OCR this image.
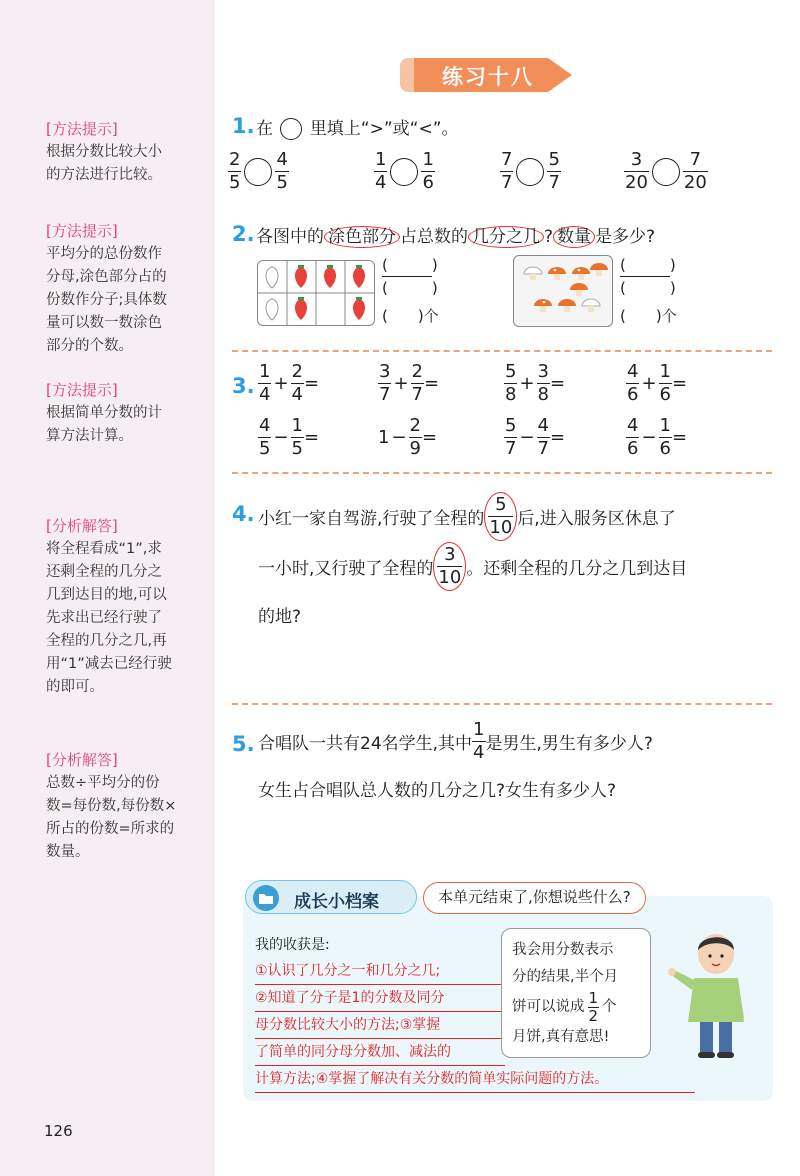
[方法提示]
根据分数比较大小
的方法进行比较。
[方法提示]
平均分的总份数作
分母,涂色部分占的
份数作分子;具体数
量可以数一数涂色
部分的个数。
[方法提示]
根据简单分数的计
算方法计算。
[分析解答]
将全程看成“1”,求
还剩全程的几分之
几到达目的地,可以
先求出已经行驶了
全程的几分之几,再
用“1”减去已经行驶
的即可。
[分析解答]
总数÷平均分的份
数=每份数,每份数×
所占的份数=所求的
数量。
练习十八
1. 在 里填上“>”或“<”。
$\frac{2}{5} \frac{4}{5}$	$\frac{1}{4} \frac{1}{6}$	$\frac{7}{7} \frac{5}{7}$	$\frac{3}{20} \frac{7}{20}$
2. 各图中的 涂色部分 占总数的 几分之几 ? 数量 是多少?
(	)
(	)
( )个
(	)
(	)
( )个
3. $\frac{1}{4} + \frac{2}{4}$ =	$\frac{3}{7} + \frac{2}{7}$ =	$\frac{5}{8} + \frac{3}{8}$ =	$\frac{4}{6} + \frac{1}{6}$ =
$\frac{4}{5} - \frac{1}{5}$ =	$1 - \frac{2}{9}$ =	$\frac{5}{7} - \frac{4}{7}$ =	$\frac{4}{6} - \frac{1}{6}$ =
4. 小红一家自驾游,行驶了全程的 $\frac{5}{10}$ 后,进入服务区休息了
一小时,又行驶了全程的 $\frac{3}{10}$ 。还剩全程的几分之几到达目
的地?
5. 合唱队一共有24名学生,其中 $\frac{1}{4}$ 是男生,男生有多少人?
女生占合唱队总人数的几分之几?女生有多少人?
成长小档案	本单元结束了,你想说些什么?
我的收获是:
①认识了几分之一和几分之几;
②知道了分子是1的分数及同分
母分数比较大小的方法;③掌握
了简单的同分母分数加、减法的
计算方法;④掌握了解决有关分数的简单实际问题的方法。
我会用分数表示
分的结果,半个月
饼可以说成 $\frac{1}{2}$ 个
月饼,真有意思!
126
